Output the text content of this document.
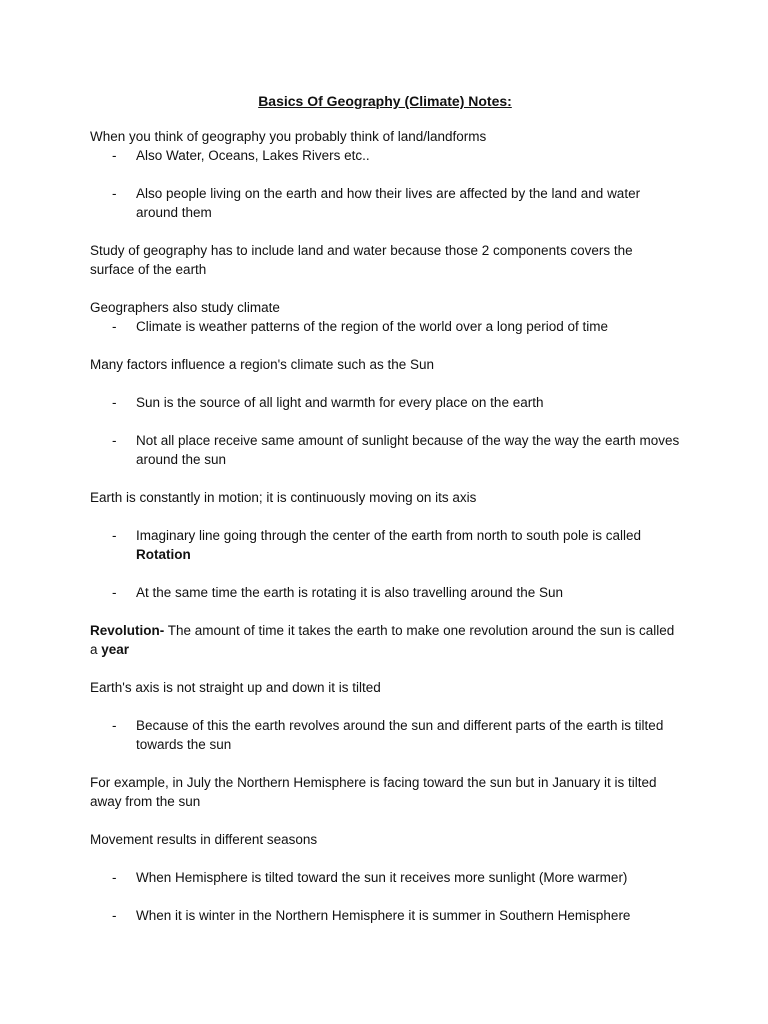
Basics Of Geography (Climate) Notes:

When you think of geography you probably think of land/landforms

- Also Water, Oceans, Lakes Rivers etc..

- Also people living on the earth and how their lives are affected by the land and water around them

Study of geography has to include land and water because those 2 components covers the surface of the earth

Geographers also study climate

- Climate is weather patterns of the region of the world over a long period of time

Many factors influence a region's climate such as the Sun

- Sun is the source of all light and warmth for every place on the earth

- Not all place receive same amount of sunlight because of the way the way the earth moves around the sun

Earth is constantly in motion; it is continuously moving on its axis

- Imaginary line going through the center of the earth from north to south pole is called
Rotation

- At the same time the earth is rotating it is also travelling around the Sun

Revolution- The amount of time it takes the earth to make one revolution around the sun is called a year

Earth's axis is not straight up and down it is tilted

- Because of this the earth revolves around the sun and different parts of the earth is tilted towards the sun

For example, in July the Northern Hemisphere is facing toward the sun but in January it is tilted away from the sun

Movement results in different seasons

- When Hemisphere is tilted toward the sun it receives more sunlight (More warmer)

- When it is winter in the Northern Hemisphere it is summer in Southern Hemisphere
